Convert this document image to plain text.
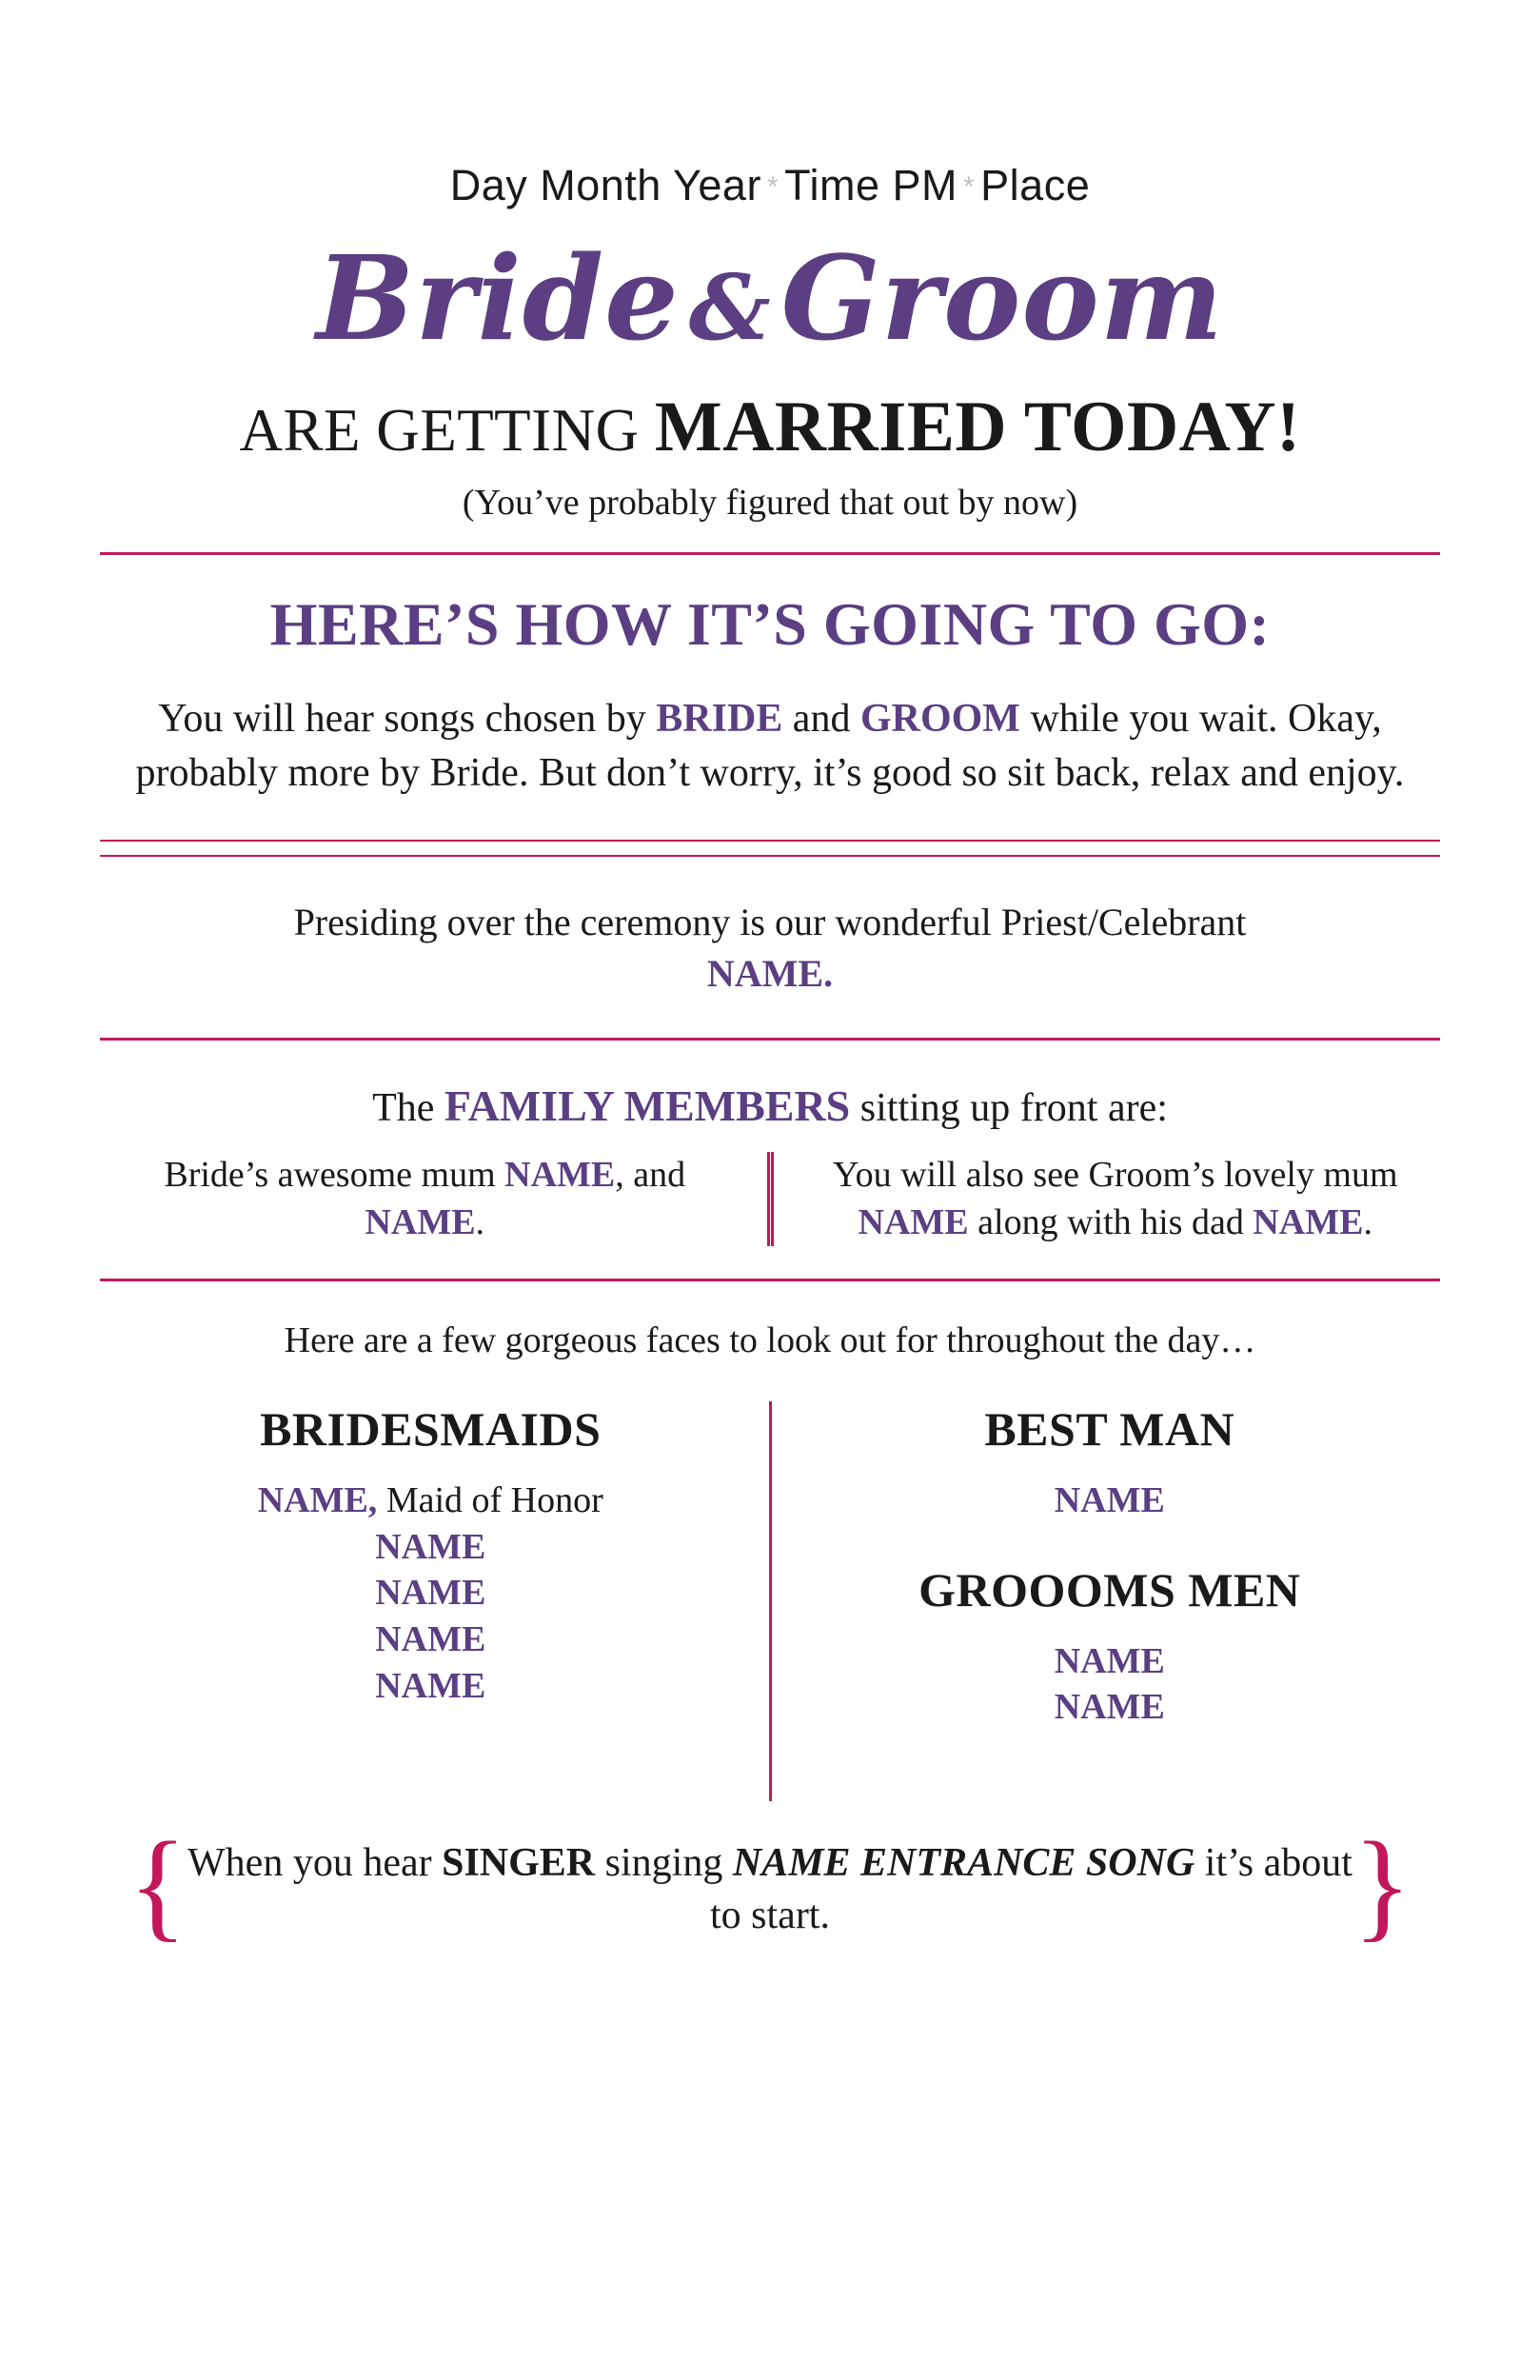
Day Month Year * Time PM * Place
Bride &Groom
ARE GETTING MARRIED TODAY!
(You’ve probably figured that out by now)
HERE’S HOW IT’S GOING TO GO:
You will hear songs chosen by BRIDE and GROOM while you wait. Okay, probably more by Bride. But don’t worry, it’s good so sit back, relax and enjoy.
Presiding over the ceremony is our wonderful Priest/Celebrant
NAME.
The FAMILY MEMBERS sitting up front are:
Bride’s awesome mum NAME, and NAME.
You will also see Groom’s lovely mum NAME along with his dad NAME.
Here are a few gorgeous faces to look out for throughout the day…
BRIDESMAIDS
NAME, Maid of Honor
NAME
NAME
NAME
NAME
BEST MAN
NAME
GROOOMS MEN
NAME
NAME
{	}
When you hear SINGER singing NAME ENTRANCE SONG it’s about to start.
